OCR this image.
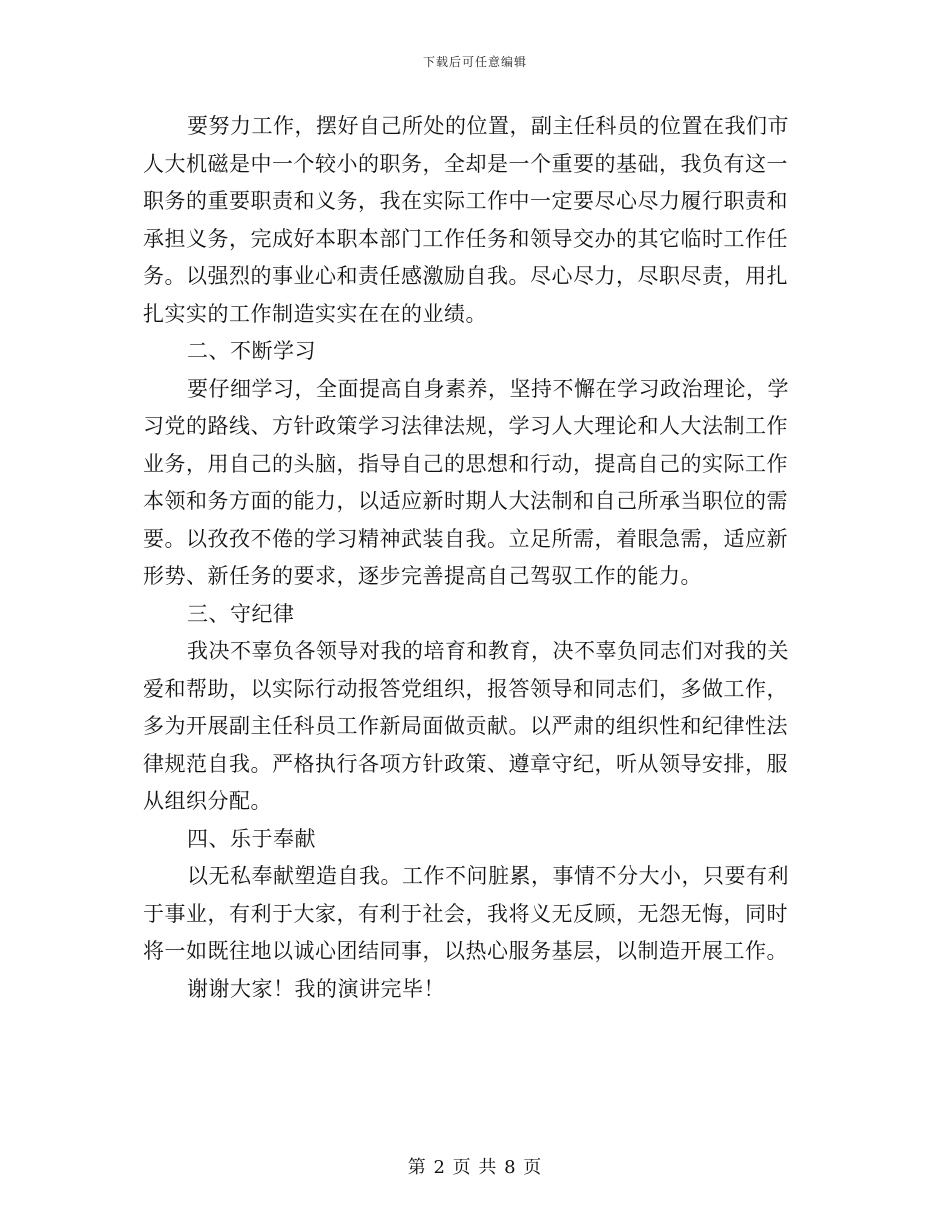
下载后可任意编辑
要努力工作，摆好自己所处的位置，副主任科员的位置在我们市
人大机磁是中一个较小的职务，全却是一个重要的基础，我负有这一
职务的重要职责和义务，我在实际工作中一定要尽心尽力履行职责和
承担义务，完成好本职本部门工作任务和领导交办的其它临时工作任
务。以强烈的事业心和责任感激励自我。尽心尽力，尽职尽责，用扎
扎实实的工作制造实实在在的业绩。
二、不断学习
要仔细学习，全面提高自身素养，坚持不懈在学习政治理论，学
习党的路线、方针政策学习法律法规，学习人大理论和人大法制工作
业务，用自己的头脑，指导自己的思想和行动，提高自己的实际工作
本领和务方面的能力，以适应新时期人大法制和自己所承当职位的需
要。以孜孜不倦的学习精神武装自我。立足所需，着眼急需，适应新
形势、新任务的要求，逐步完善提高自己驾驭工作的能力。
三、守纪律
我决不辜负各领导对我的培育和教育，决不辜负同志们对我的关
爱和帮助，以实际行动报答党组织，报答领导和同志们，多做工作，
多为开展副主任科员工作新局面做贡献。以严肃的组织性和纪律性法
律规范自我。严格执行各项方针政策、遵章守纪，听从领导安排，服
从组织分配。
四、乐于奉献
以无私奉献塑造自我。工作不问脏累，事情不分大小，只要有利
于事业，有利于大家，有利于社会，我将义无反顾，无怨无悔，同时
将一如既往地以诚心团结同事，以热心服务基层，以制造开展工作。
谢谢大家！我的演讲完毕！
第 2 页 共 8 页
